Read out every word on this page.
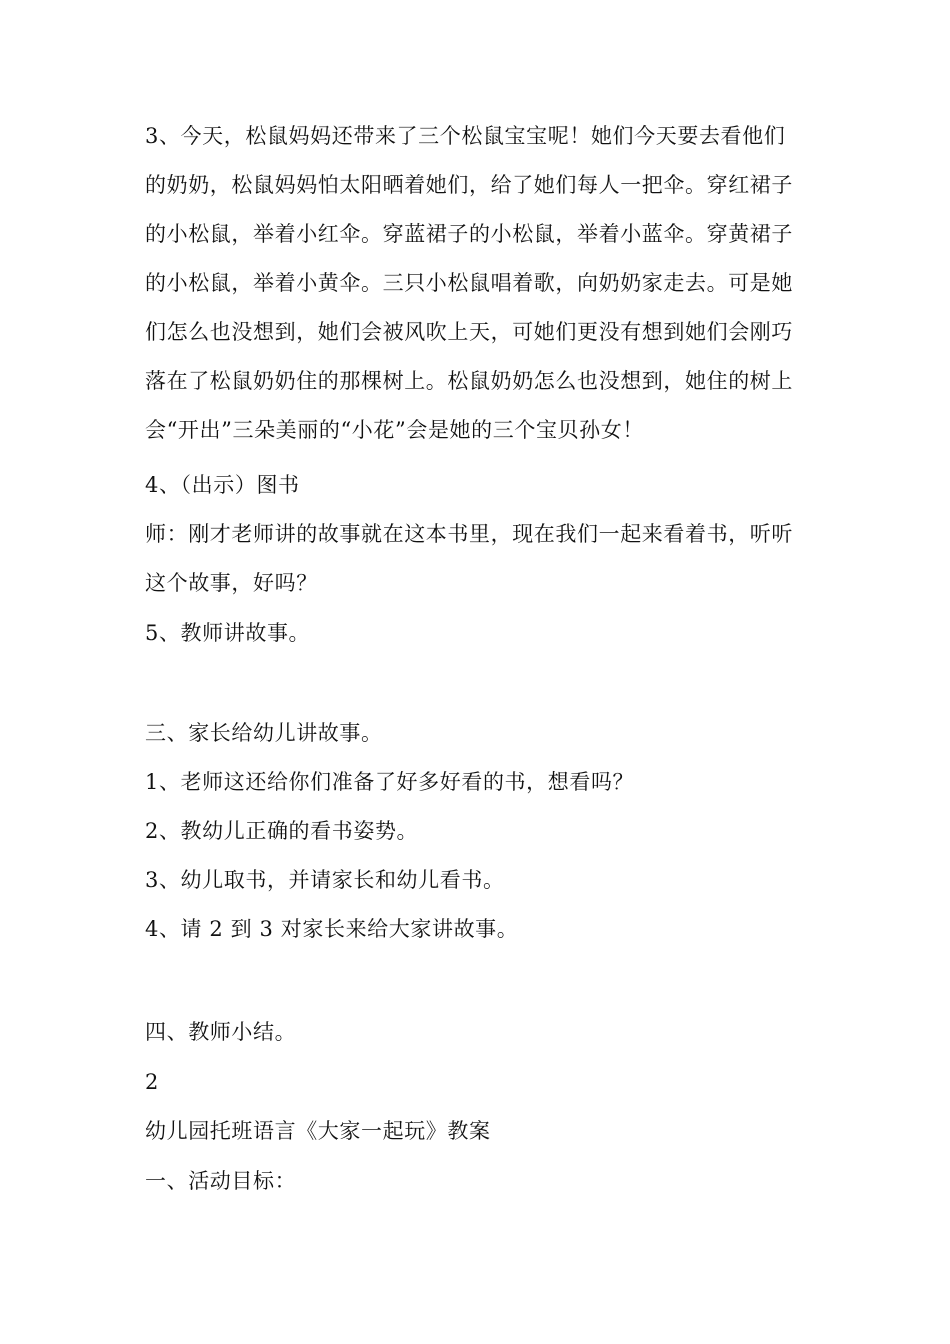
3、今天，松鼠妈妈还带来了三个松鼠宝宝呢！她们今天要去看他们
的奶奶，松鼠妈妈怕太阳晒着她们，给了她们每人一把伞。穿红裙子
的小松鼠，举着小红伞。穿蓝裙子的小松鼠，举着小蓝伞。穿黄裙子
的小松鼠，举着小黄伞。三只小松鼠唱着歌，向奶奶家走去。可是她
们怎么也没想到，她们会被风吹上天，可她们更没有想到她们会刚巧
落在了松鼠奶奶住的那棵树上。松鼠奶奶怎么也没想到，她住的树上
会“开出”三朵美丽的“小花”会是她的三个宝贝孙女！
4、（出示）图书
师：刚才老师讲的故事就在这本书里，现在我们一起来看着书，听听
这个故事，好吗？
5、教师讲故事。
三、家长给幼儿讲故事。
1、老师这还给你们准备了好多好看的书，想看吗？
2、教幼儿正确的看书姿势。
3、幼儿取书，并请家长和幼儿看书。
4、请 2 到 3 对家长来给大家讲故事。
四、教师小结。
2
幼儿园托班语言《大家一起玩》教案
一、活动目标：
